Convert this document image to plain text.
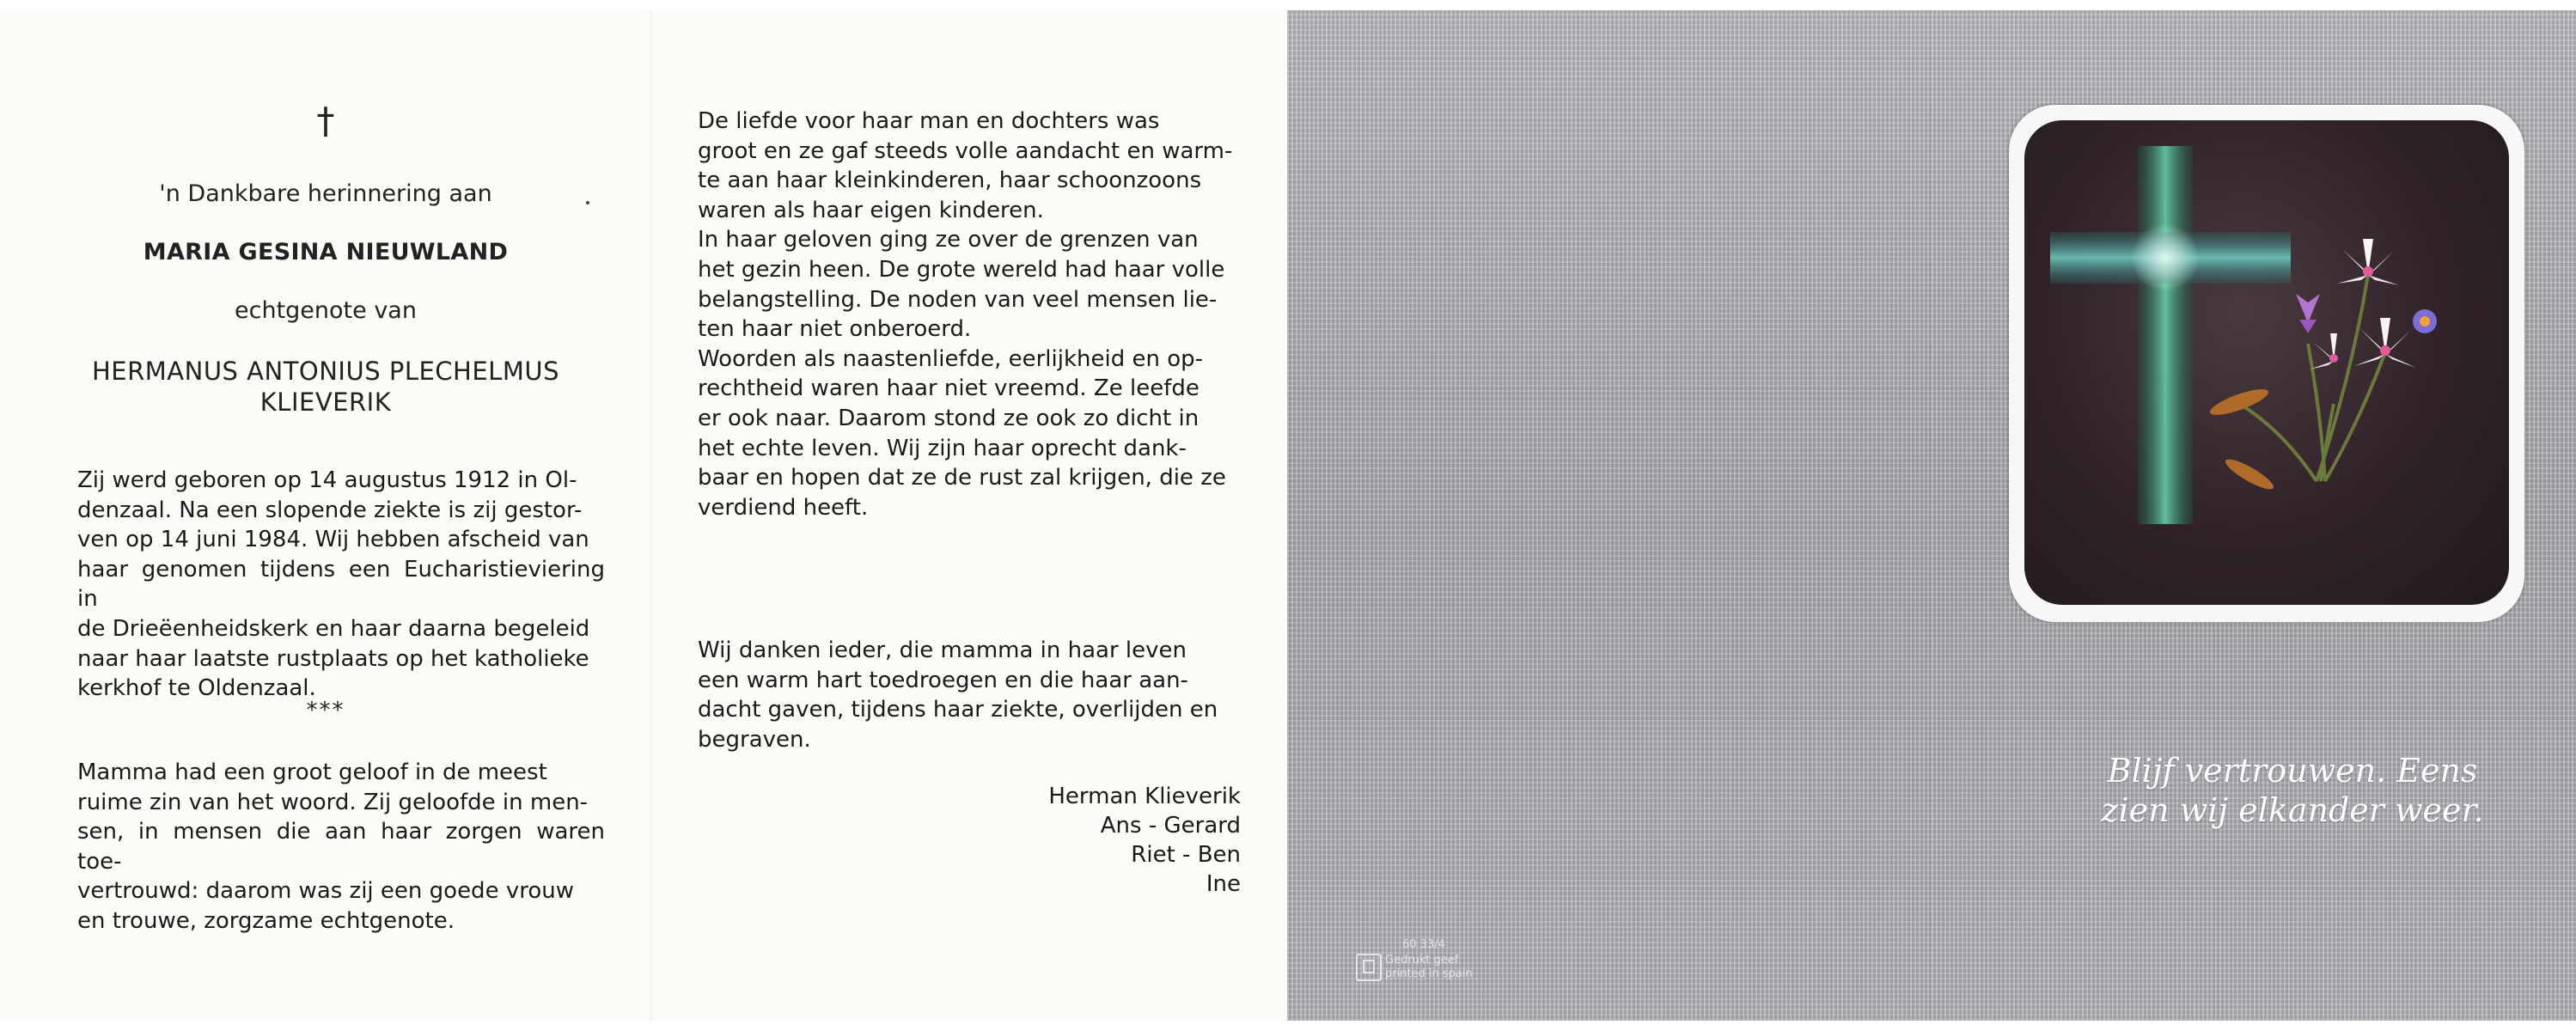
†
'n Dankbare herinnering aan
MARIA GESINA NIEUWLAND
echtgenote van
HERMANUS ANTONIUS PLECHELMUS
KLIEVERIK
Zij werd geboren op 14 augustus 1912 in Ol-
denzaal. Na een slopende ziekte is zij gestor-
ven op 14 juni 1984. Wij hebben afscheid van
haar genomen tijdens een Eucharistieviering in
de Drieëenheidskerk en haar daarna begeleid
naar haar laatste rustplaats op het katholieke
kerkhof te Oldenzaal.
***
Mamma had een groot geloof in de meest
ruime zin van het woord. Zij geloofde in men-
sen, in mensen die aan haar zorgen waren toe-
vertrouwd: daarom was zij een goede vrouw
en trouwe, zorgzame echtgenote.
De liefde voor haar man en dochters was
groot en ze gaf steeds volle aandacht en warm-
te aan haar kleinkinderen, haar schoonzoons
waren als haar eigen kinderen.
In haar geloven ging ze over de grenzen van
het gezin heen. De grote wereld had haar volle
belangstelling. De noden van veel mensen lie-
ten haar niet onberoerd.
Woorden als naastenliefde, eerlijkheid en op-
rechtheid waren haar niet vreemd. Ze leefde
er ook naar. Daarom stond ze ook zo dicht in
het echte leven. Wij zijn haar oprecht dank-
baar en hopen dat ze de rust zal krijgen, die ze
verdiend heeft.
Wij danken ieder, die mamma in haar leven
een warm hart toedroegen en die haar aan-
dacht gaven, tijdens haar ziekte, overlijden en
begraven.
Herman Klieverik
Ans - Gerard
Riet - Ben
Ine
Blijf vertrouwen. Eens
zien wij elkander weer.
60 33/4
Gedrukt geef
printed in spain
